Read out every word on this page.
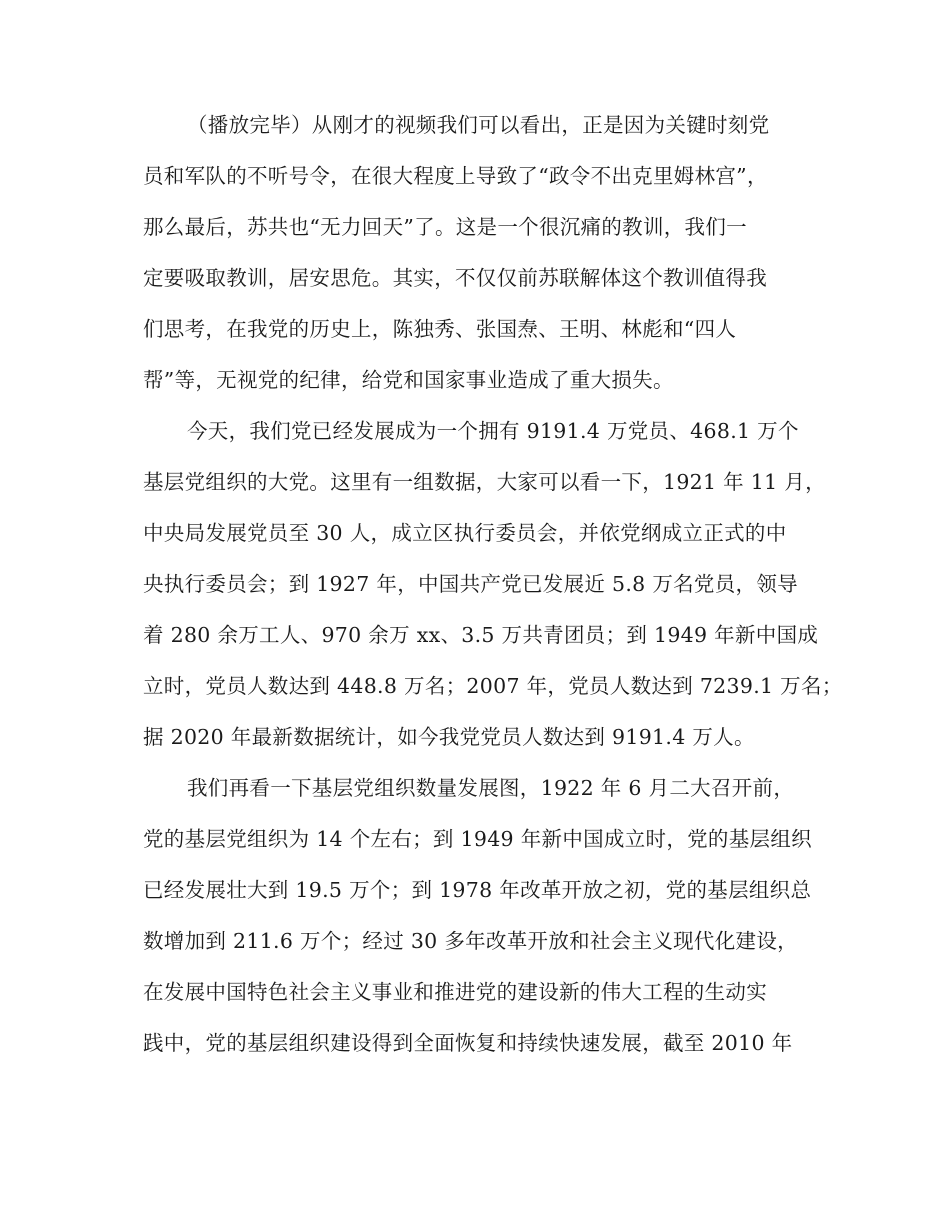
（播放完毕）从刚才的视频我们可以看出，正是因为关键时刻党

员和军队的不听号令，在很大程度上导致了“政令不出克里姆林宫”，

那么最后，苏共也“无力回天”了。这是一个很沉痛的教训，我们一

定要吸取教训，居安思危。其实，不仅仅前苏联解体这个教训值得我

们思考，在我党的历史上，陈独秀、张国焘、王明、林彪和“四人

帮”等，无视党的纪律，给党和国家事业造成了重大损失。

今天，我们党已经发展成为一个拥有 9191.4 万党员、468.1 万个

基层党组织的大党。这里有一组数据，大家可以看一下，1921 年 11 月，

中央局发展党员至 30 人，成立区执行委员会，并依党纲成立正式的中

央执行委员会；到 1927 年，中国共产党已发展近 5.8 万名党员，领导

着 280 余万工人、970 余万 xx、3.5 万共青团员；到 1949 年新中国成

立时，党员人数达到 448.8 万名；2007 年，党员人数达到 7239.1 万名；

据 2020 年最新数据统计，如今我党党员人数达到 9191.4 万人。

我们再看一下基层党组织数量发展图，1922 年 6 月二大召开前，

党的基层党组织为 14 个左右；到 1949 年新中国成立时，党的基层组织

已经发展壮大到 19.5 万个；到 1978 年改革开放之初，党的基层组织总

数增加到 211.6 万个；经过 30 多年改革开放和社会主义现代化建设，

在发展中国特色社会主义事业和推进党的建设新的伟大工程的生动实

践中，党的基层组织建设得到全面恢复和持续快速发展，截至 2010 年
